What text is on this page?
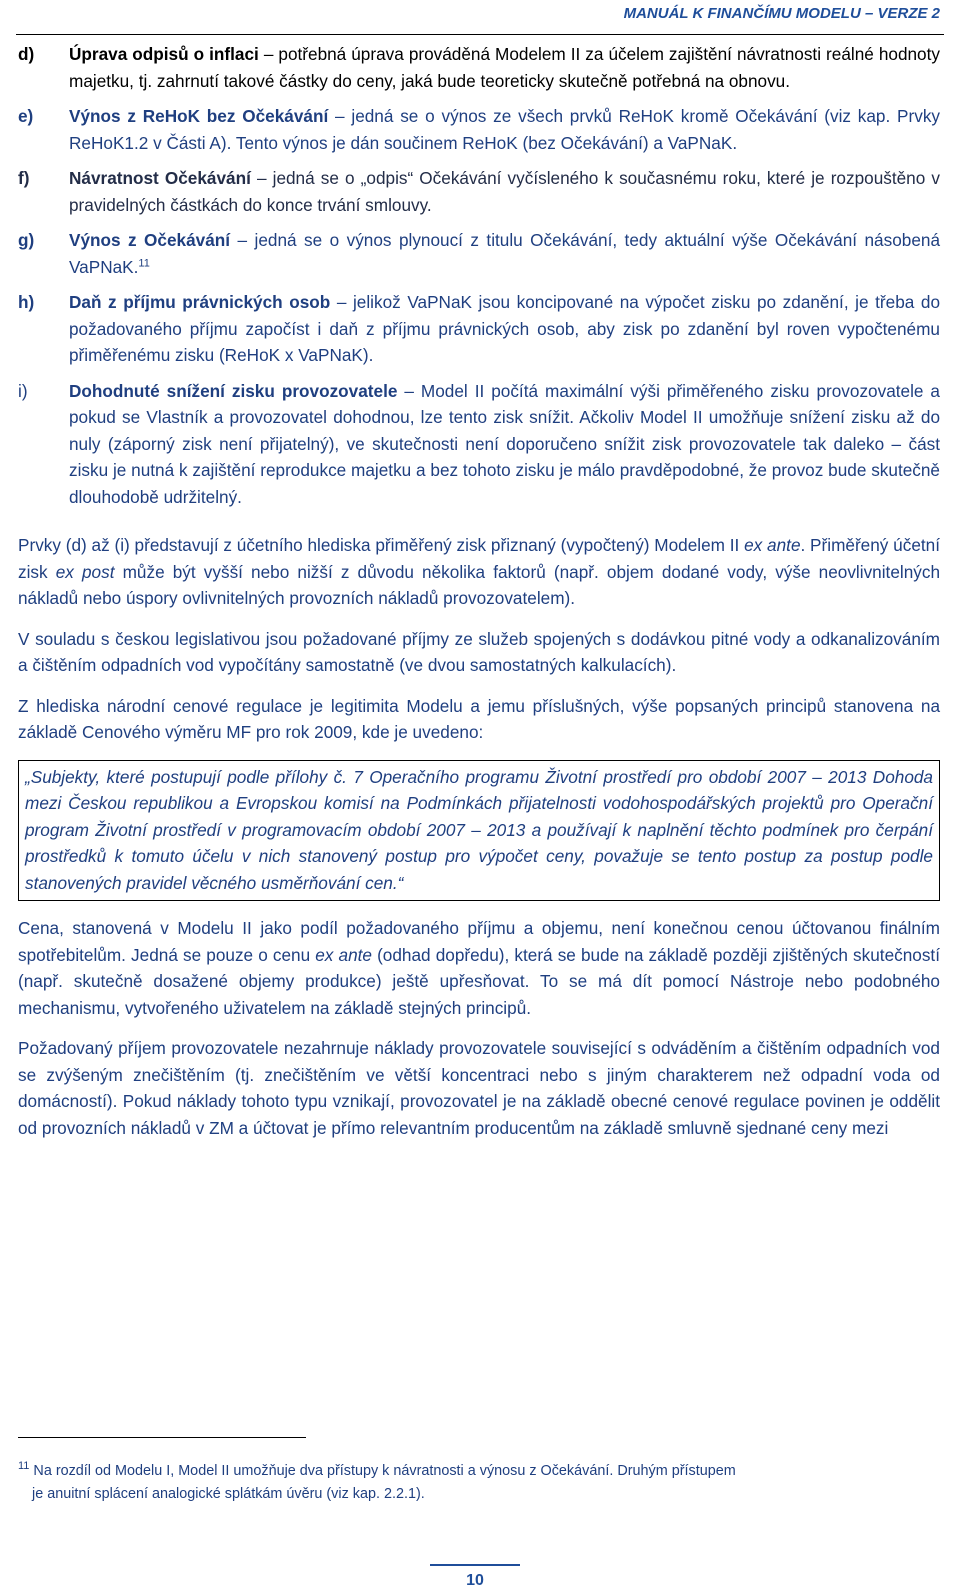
MANUÁL K FINANČÍMU MODELU – VERZE 2
d)	Úprava odpisů o inflaci – potřebná úprava prováděná Modelem II za účelem zajištění návratnosti reálné hodnoty majetku, tj. zahrnutí takové částky do ceny, jaká bude teoreticky skutečně potřebná na obnovu.
e)	Výnos z ReHoK bez Očekávání – jedná se o výnos ze všech prvků ReHoK kromě Očekávání (viz kap. Prvky ReHoK1.2 v Části A). Tento výnos je dán součinem ReHoK (bez Očekávání) a VaPNaK.
f)	Návratnost Očekávání – jedná se o „odpis“ Očekávání vyčísleného k současnému roku, které je rozpouštěno v pravidelných částkách do konce trvání smlouvy.
g)	Výnos z Očekávání – jedná se o výnos plynoucí z titulu Očekávání, tedy aktuální výše Očekávání násobená VaPNaK.$^{11}$
h)	Daň z příjmu právnických osob – jelikož VaPNaK jsou koncipované na výpočet zisku po zdanění, je třeba do požadovaného příjmu započíst i daň z příjmu právnických osob, aby zisk po zdanění byl roven vypočtenému přiměřenému zisku (ReHoK x VaPNaK).
i)	Dohodnuté snížení zisku provozovatele – Model II počítá maximální výši přiměřeného zisku provozovatele a pokud se Vlastník a provozovatel dohodnou, lze tento zisk snížit. Ačkoliv Model II umožňuje snížení zisku až do nuly (záporný zisk není přijatelný), ve skutečnosti není doporučeno snížit zisk provozovatele tak daleko – část zisku je nutná k zajištění reprodukce majetku a bez tohoto zisku je málo pravděpodobné, že provoz bude skutečně dlouhodobě udržitelný.

Prvky (d) až (i) představují z účetního hlediska přiměřený zisk přiznaný (vypočtený) Modelem II ex ante. Přiměřený účetní zisk ex post může být vyšší nebo nižší z důvodu několika faktorů (např. objem dodané vody, výše neovlivnitelných nákladů nebo úspory ovlivnitelných provozních nákladů provozovatelem).

V souladu s českou legislativou jsou požadované příjmy ze služeb spojených s dodávkou pitné vody a odkanalizováním a čištěním odpadních vod vypočítány samostatně (ve dvou samostatných kalkulacích).

Z hlediska národní cenové regulace je legitimita Modelu a jemu příslušných, výše popsaných principů stanovena na základě Cenového výměru MF pro rok 2009, kde je uvedeno:

„Subjekty, které postupují podle přílohy č. 7 Operačního programu Životní prostředí pro období 2007 – 2013 Dohoda mezi Českou republikou a Evropskou komisí na Podmínkách přijatelnosti vodohospodářských projektů pro Operační program Životní prostředí v programovacím období 2007 – 2013 a používají k naplnění těchto podmínek pro čerpání prostředků k tomuto účelu v nich stanovený postup pro výpočet ceny, považuje se tento postup za postup podle stanovených pravidel věcného usměrňování cen.“

Cena, stanovená v Modelu II jako podíl požadovaného příjmu a objemu, není konečnou cenou účtovanou finálním spotřebitelům. Jedná se pouze o cenu ex ante (odhad dopředu), která se bude na základě později zjištěných skutečností (např. skutečně dosažené objemy produkce) ještě upřesňovat. To se má dít pomocí Nástroje nebo podobného mechanismu, vytvořeného uživatelem na základě stejných principů.

Požadovaný příjem provozovatele nezahrnuje náklady provozovatele související s odváděním a čištěním odpadních vod se zvýšeným znečištěním (tj. znečištěním ve větší koncentraci nebo s jiným charakterem než odpadní voda od domácností). Pokud náklady tohoto typu vznikají, provozovatel je na základě obecné cenové regulace povinen je oddělit od provozních nákladů v ZM a účtovat je přímo relevantním producentům na základě smluvně sjednané ceny mezi

$^{11}$ Na rozdíl od Modelu I, Model II umožňuje dva přístupy k návratnosti a výnosu z Očekávání. Druhým přístupem
je anuitní splácení analogické splátkám úvěru (viz kap. 2.2.1).
10
